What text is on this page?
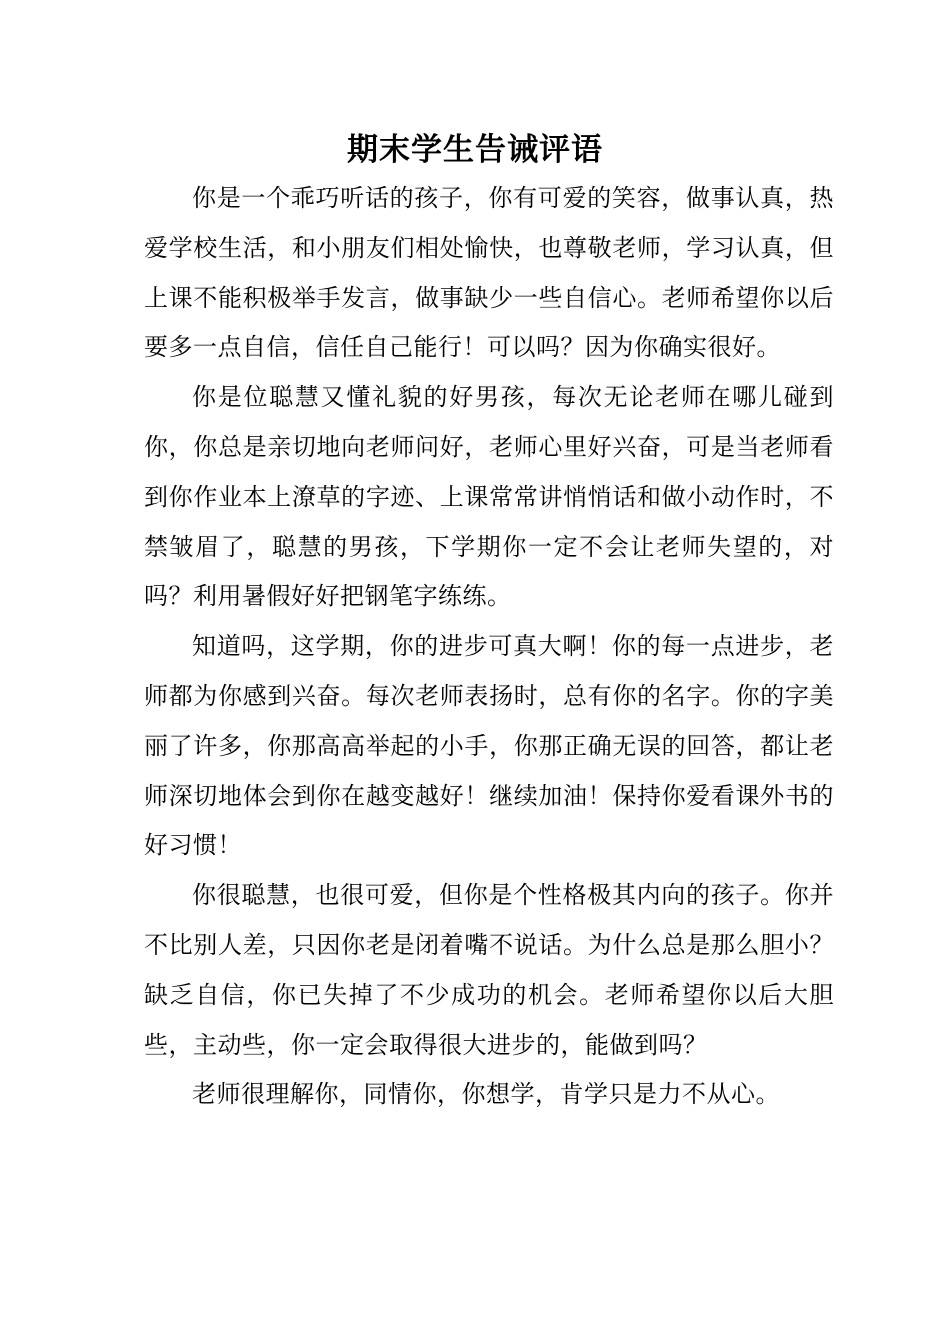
期末学生告诫评语

你是一个乖巧听话的孩子，你有可爱的笑容，做事认真，热爱学校生活，和小朋友们相处愉快，也尊敬老师，学习认真，但上课不能积极举手发言，做事缺少一些自信心。老师希望你以后要多一点自信，信任自己能行！可以吗？因为你确实很好。

你是位聪慧又懂礼貌的好男孩，每次无论老师在哪儿碰到你，你总是亲切地向老师问好，老师心里好兴奋，可是当老师看到你作业本上潦草的字迹、上课常常讲悄悄话和做小动作时，不禁皱眉了，聪慧的男孩，下学期你一定不会让老师失望的，对吗？利用暑假好好把钢笔字练练。

知道吗，这学期，你的进步可真大啊！你的每一点进步，老师都为你感到兴奋。每次老师表扬时，总有你的名字。你的字美丽了许多，你那高高举起的小手，你那正确无误的回答，都让老师深切地体会到你在越变越好！继续加油！保持你爱看课外书的好习惯！

你很聪慧，也很可爱，但你是个性格极其内向的孩子。你并不比别人差，只因你老是闭着嘴不说话。为什么总是那么胆小？缺乏自信，你已失掉了不少成功的机会。老师希望你以后大胆些，主动些，你一定会取得很大进步的，能做到吗？

老师很理解你，同情你，你想学，肯学只是力不从心。
